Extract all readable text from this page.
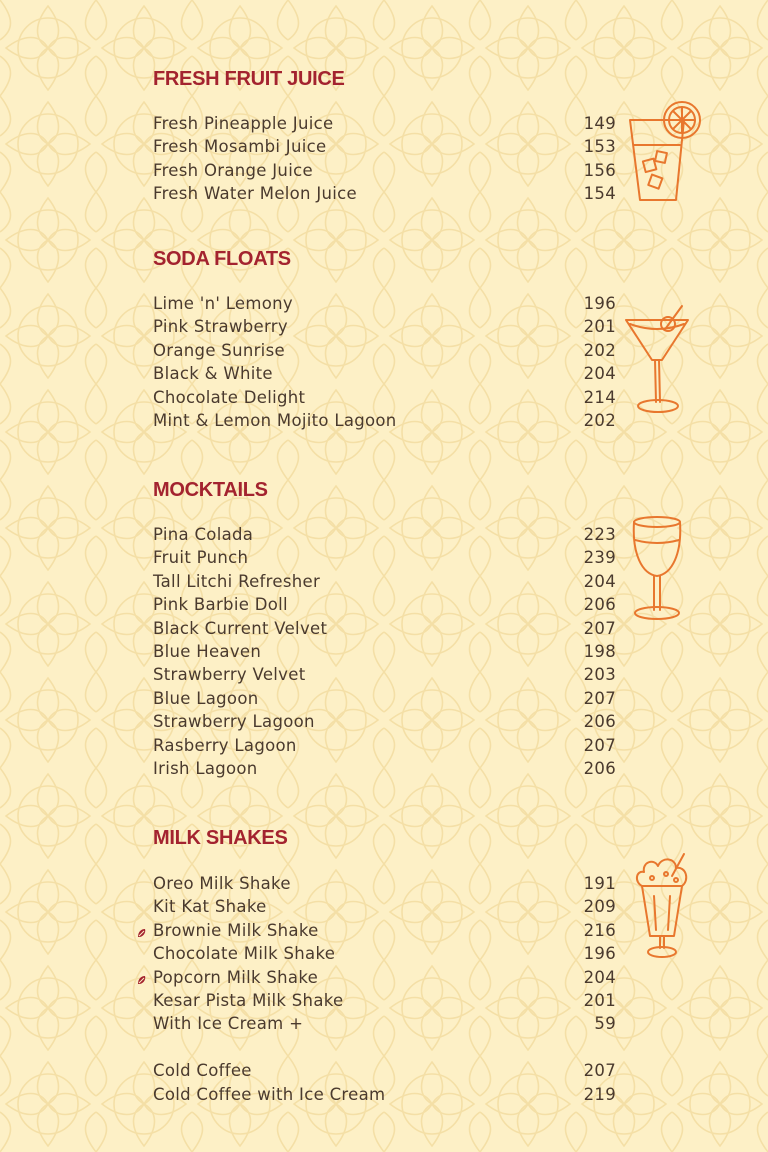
FRESH FRUIT JUICE
Fresh Pineapple Juice	149
Fresh Mosambi Juice	153
Fresh Orange Juice	156
Fresh Water Melon Juice	154
SODA FLOATS
Lime 'n' Lemony	196
Pink Strawberry	201
Orange Sunrise	202
Black & White	204
Chocolate Delight	214
Mint & Lemon Mojito Lagoon	202
MOCKTAILS
Pina Colada	223
Fruit Punch	239
Tall Litchi Refresher	204
Pink Barbie Doll	206
Black Current Velvet	207
Blue Heaven	198
Strawberry Velvet	203
Blue Lagoon	207
Strawberry Lagoon	206
Rasberry Lagoon	207
Irish Lagoon	206
MILK SHAKES
Oreo Milk Shake	191
Kit Kat Shake	209
Brownie Milk Shake	216
Chocolate Milk Shake	196
Popcorn Milk Shake	204
Kesar Pista Milk Shake	201
With Ice Cream +	59
Cold Coffee	207
Cold Coffee with Ice Cream	219
